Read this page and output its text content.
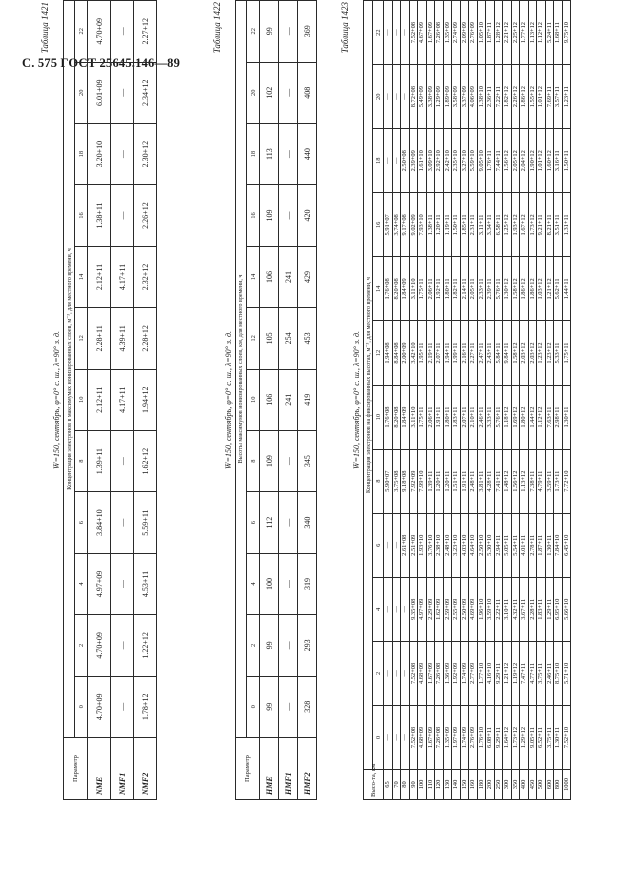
С. 575 ГОСТ 25645.146—89
Таблица 1421
W̄=150, сентябрь, φ=0° с. ш., λ=90° з. д.
Параметр	Концентрация электронов в максимумах ионизированных слоев, м⁻³, для местного времени, ч											
	0	2	4	6	8	10	12	14	16	18	20	22
NME	4.70+09	4.70+09	4.97+09	3.84+10	1.39+11	2.12+11	2.28+11	2.12+11	1.38+11	3.20+10	6.01+09	4.70+09
NMF1	—	—	—	—	—	4.17+11	4.39+11	4.17+11	—	—	—	—
NMF2	1.78+12	1.22+12	4.53+11	5.59+11	1.62+12	1.94+12	2.28+12	2.32+12	2.26+12	2.30+12	2.34+12	2.27+12	Таблица 1422
W̄=150, сентябрь, φ=0° с. ш., λ=90° з. д.
Параметр	Высоты максимумов ионизированных слоев, км, для местного времени, ч											
	0	2	4	6	8	10	12	14	16	18	20	22
HME	99	99	100	112	109	106	105	106	109	113	102	99
HMF1	—	—	—	—	—	241	254	241	—	—	—	—
HMF2	328	293	319	340	345	419	453	429	420	440	408	369	Таблица 1423
W̄=150, сентябрь, φ=0° с. ш., λ=90° з. д.
Высо-та, км	Концентрация электронов на фиксированных высотах, м⁻³, для местного времени, ч											
	0	2	4	6	8	10	12	14	16	18	20	22
65	—	—	—	—	5.90+07	1.76+08	1.94+08	1.76+08	5.91+07	—	—	—
70	—	—	—	—	3.75+08	8.20+08	8.84+08	8.20+08	3.74+08	—	—	—
80	—	—	—	2.61+08	9.18+08	1.84+09	2.00+09	1.84+09	9.17+08	2.50+08	—	—
90	7.52+08	7.52+08	9.35+08	2.51+09	7.92+09	3.11+10	3.42+10	3.11+10	9.02+09	2.39+09	8.72+08	7.52+08
100	4.68+09	4.68+09	4.97+09	1.93+10	7.99+10	1.75+11	1.95+11	1.75+11	7.93+10	1.61+10	5.49+09	4.67+09
110	1.67+09	1.67+09	2.29+09	3.76+10	1.39+11	2.06+11	2.19+11	2.06+11	1.38+11	3.09+10	3.38+09	1.67+09
120	7.26+08	7.26+08	1.62+09	2.38+10	1.20+11	1.91+11	2.07+11	1.92+11	1.20+11	2.92+10	1.29+09	7.26+08
130	1.35+09	1.36+09	2.59+09	2.48+10	1.20+11	1.80+11	1.94+11	1.80+11	1.19+11	2.42+10	1.89+09	1.35+09
140	1.97+09	1.92+09	2.55+09	3.23+10	1.51+11	1.83+11	1.99+11	1.82+11	1.50+11	2.35+10	3.58+09	2.74+09
150	1.74+09	1.74+09	2.50+09	4.03+10	1.91+11	2.07+11	2.16+11	2.14+11	1.85+11	3.27+10	3.37+09	2.09+09
160	2.76+09	2.77+09	4.69+09	4.64+10	2.48+11	2.10+11	2.27+11	2.05+11	2.31+11	5.59+10	4.06+09	2.76+09
180	1.76+10	1.77+10	1.96+10	2.50+10	3.81+11	2.46+11	2.47+11	2.33+11	3.11+11	9.05+10	1.38+10	1.05+10
200	6.08+11	4.16+10	3.59+10	5.30+10	4.28+11	3.33+11	2.43+11	2.39+11	3.34+11	1.76+11	2.36+11	1.87+11
250	9.29+11	9.29+11	2.22+11	2.94+11	7.41+11	5.76+11	5.84+11	5.76+11	6.58+11	7.44+11	7.22+11	1.28+12
300	1.64+12	1.21+12	3.10+11	5.05+11	1.48+12	1.18+12	9.84+11	1.30+12	1.25+12	1.56+12	1.82+12	2.21+12
350	1.73+12	1.19+12	4.32+11	5.54+11	1.56+12	1.69+12	1.58+12	1.58+12	1.93+12	2.05+12	2.26+12	2.25+12
400	1.29+12	7.47+11	3.67+11	4.01+11	1.13+12	1.80+12	2.03+12	1.86+12	1.67+12	2.04+12	1.86+12	1.77+12
450	9.05+11	4.77+11	2.28+11	2.78+11	7.38+11	1.44+12	2.03+12	1.86+12	1.73+12	1.90+12	1.55+12	1.13+12
500	6.52+11	3.75+11	1.83+11	1.87+11	4.79+11	1.12+12	1.23+12	1.03+12	9.21+11	1.01+12	1.01+12	1.12+12
600	3.75+11	2.46+11	1.29+11	1.30+11	3.59+11	7.63+11	1.23+12	1.21+12	8.21+11	1.60+12	7.69+11	5.24+11
800	1.30+11	8.75+10	6.95+10	7.84+10	1.73+11	2.98+11	5.33+11	5.62+11	3.51+11	3.16+11	3.57+11	1.68+11
1000	7.52+10	5.71+10	5.66+10	6.45+10	7.72+10	1.30+11	1.75+11	1.44+11	1.31+11	1.50+11	1.23+11	9.75+10
